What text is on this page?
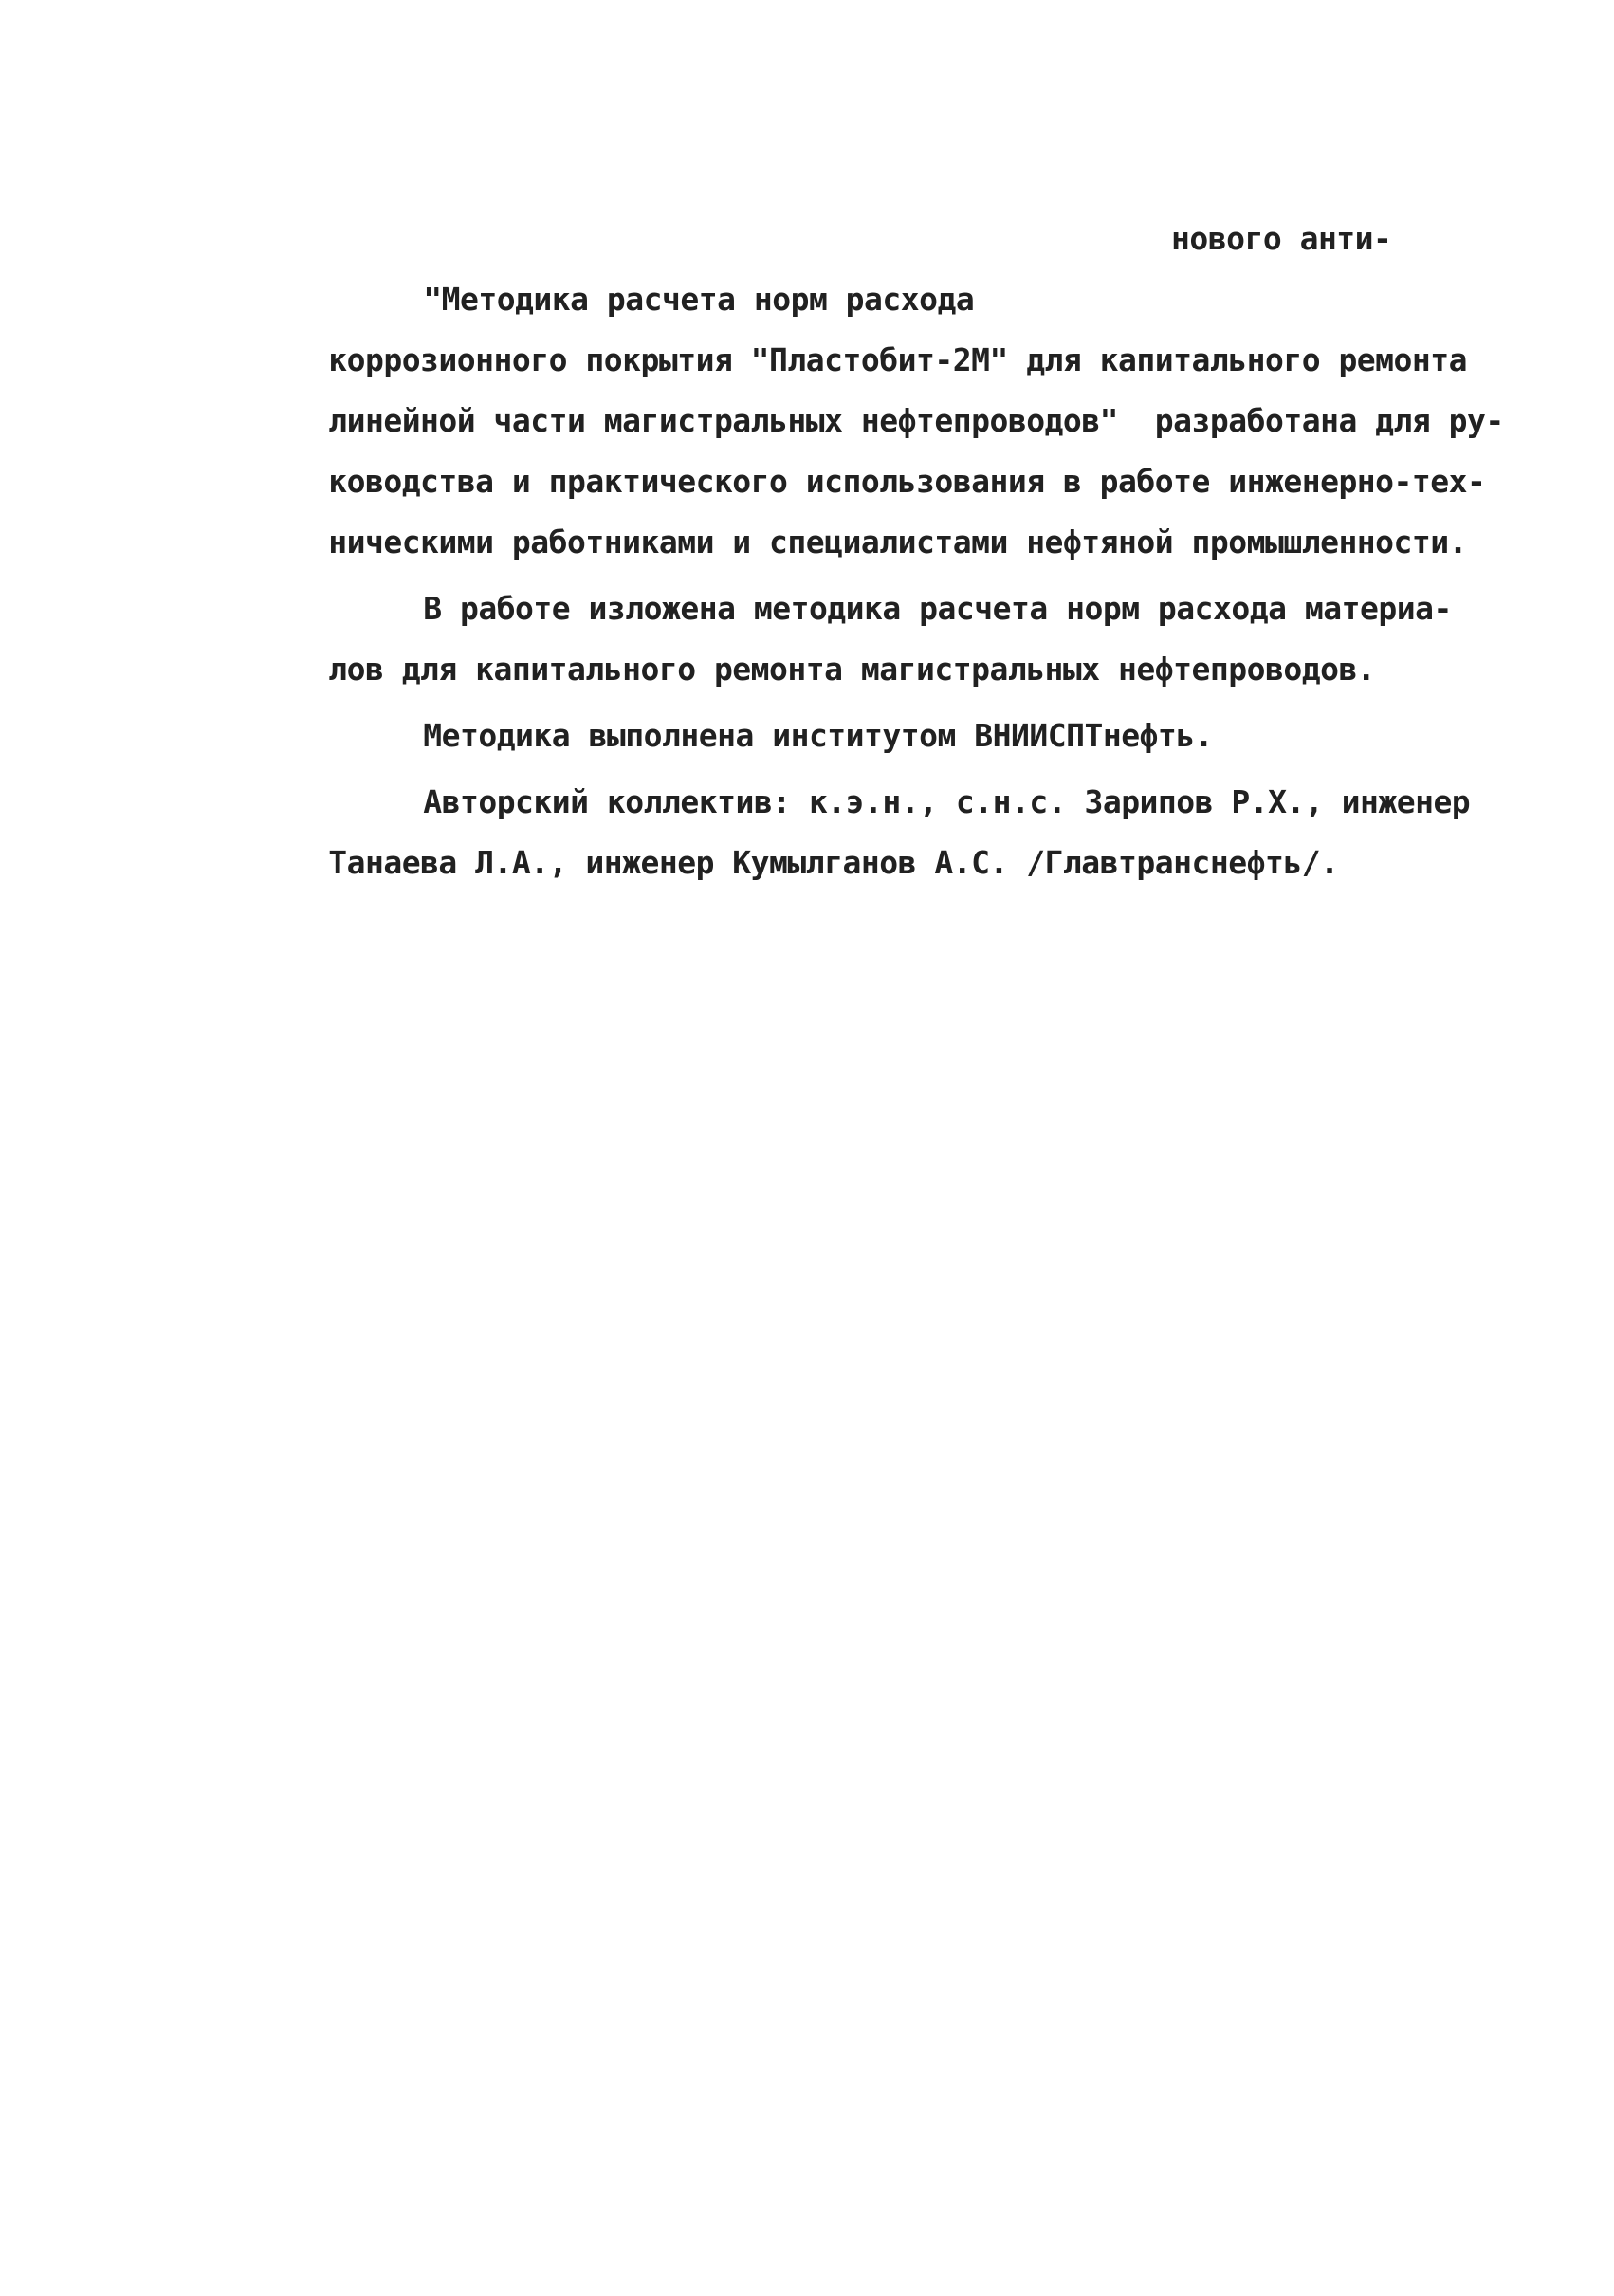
"Методика расчета норм расхода

нового анти-

коррозионного покрытия "Пластобит-2М" для капитального ремонта

линейной части магистральных нефтепроводов"  разработана для ру-

ководства и практического использования в работе инженерно-тех-

ническими работниками и специалистами нефтяной промышленности.

В работе изложена методика расчета норм расхода материа-

лов для капитального ремонта магистральных нефтепроводов.

Методика выполнена институтом ВНИИСПТнефть.

Авторский коллектив: к.э.н., с.н.с. Зарипов Р.Х., инженер

Танаева Л.А., инженер Кумылганов А.С. /Главтранснефть/.
